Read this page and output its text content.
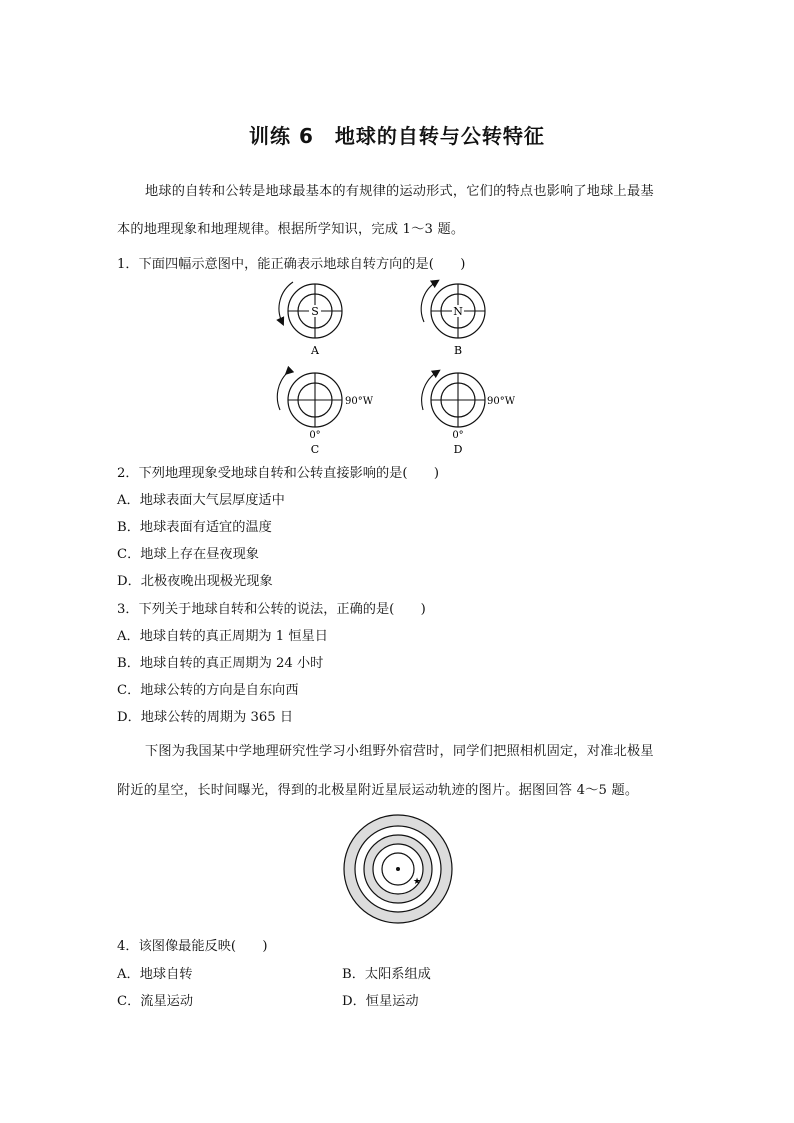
训练 6　地球的自转与公转特征
地球的自转和公转是地球最基本的有规律的运动形式，它们的特点也影响了地球上最基
本的地理现象和地理规律。根据所学知识，完成 1～3 题。
1．下面四幅示意图中，能正确表示地球自转方向的是(　　)
S
A
N
B
90°W
0°
C
90°W
0°
D
2．下列地理现象受地球自转和公转直接影响的是(　　)
A．地球表面大气层厚度适中
B．地球表面有适宜的温度
C．地球上存在昼夜现象
D．北极夜晚出现极光现象
3．下列关于地球自转和公转的说法，正确的是(　　)
A．地球自转的真正周期为 1 恒星日
B．地球自转的真正周期为 24 小时
C．地球公转的方向是自东向西
D．地球公转的周期为 365 日
下图为我国某中学地理研究性学习小组野外宿营时，同学们把照相机固定，对准北极星
附近的星空，长时间曝光，得到的北极星附近星辰运动轨迹的图片。据图回答 4～5 题。
★
4．该图像最能反映(　　)
A．地球自转	B．太阳系组成
C．流星运动	D．恒星运动
